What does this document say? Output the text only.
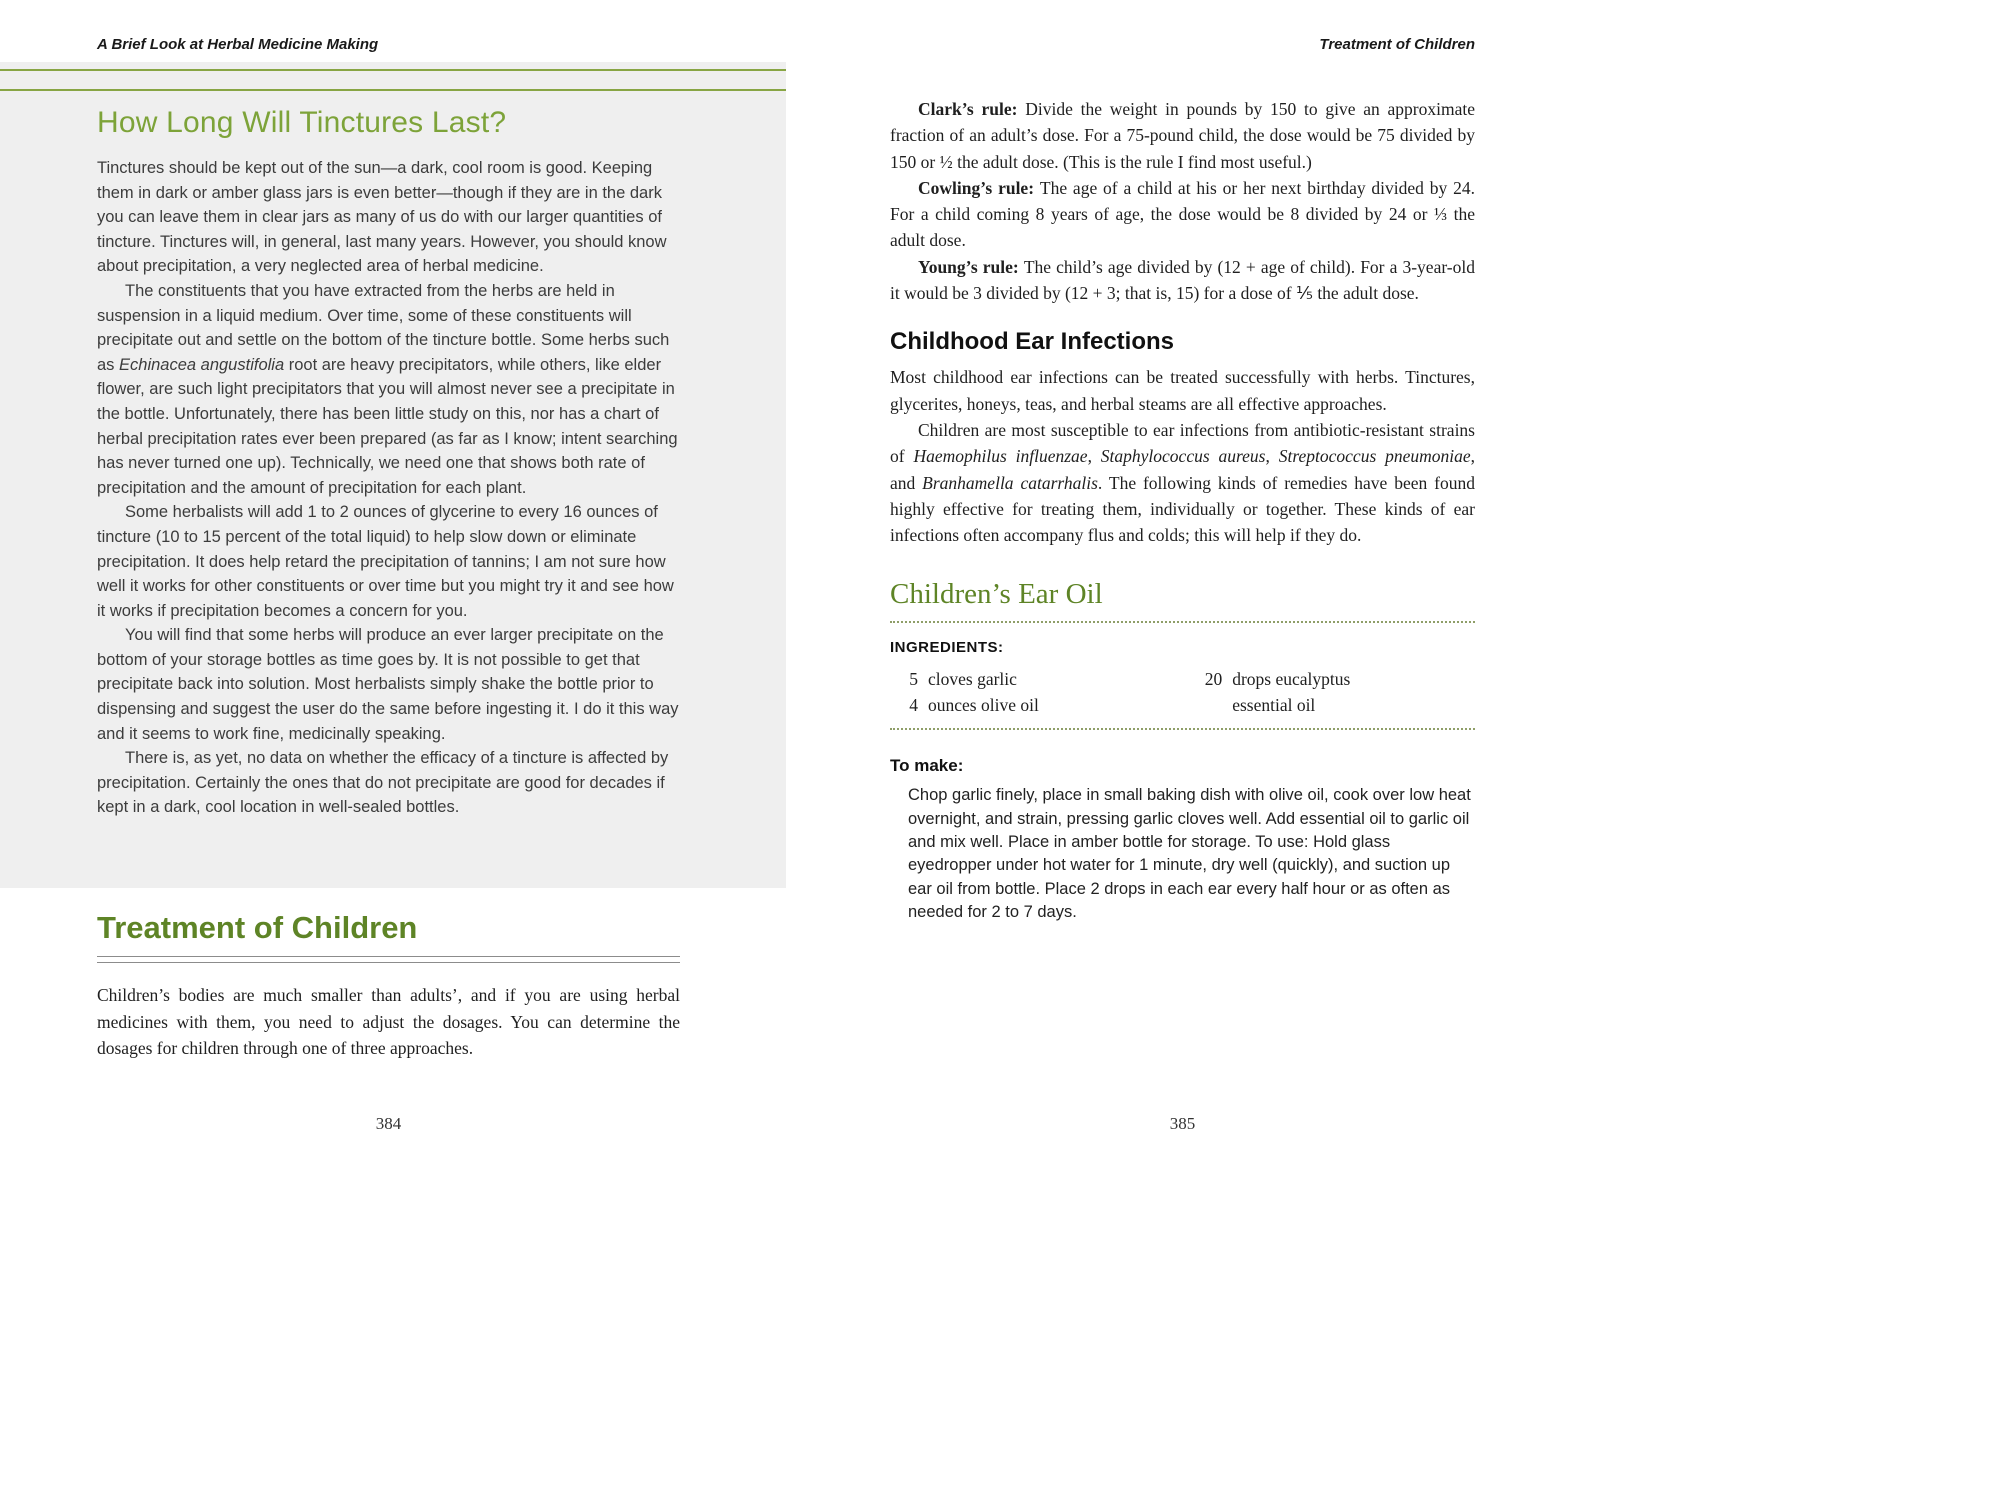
A Brief Look at Herbal Medicine Making
How Long Will Tinctures Last?

Tinctures should be kept out of the sun—a dark, cool room is good. Keeping them in dark or amber glass jars is even better—though if they are in the dark you can leave them in clear jars as many of us do with our larger quantities of tincture. Tinctures will, in general, last many years. However, you should know about precipitation, a very neglected area of herbal medicine.

The constituents that you have extracted from the herbs are held in suspension in a liquid medium. Over time, some of these constituents will precipitate out and settle on the bottom of the tincture bottle. Some herbs such as Echinacea angustifolia root are heavy precipitators, while others, like elder flower, are such light precipitators that you will almost never see a precipitate in the bottle. Unfortunately, there has been little study on this, nor has a chart of herbal precipitation rates ever been prepared (as far as I know; intent searching has never turned one up). Technically, we need one that shows both rate of precipitation and the amount of precipitation for each plant.

Some herbalists will add 1 to 2 ounces of glycerine to every 16 ounces of tincture (10 to 15 percent of the total liquid) to help slow down or eliminate precipitation. It does help retard the precipitation of tannins; I am not sure how well it works for other constituents or over time but you might try it and see how it works if precipitation becomes a concern for you.

You will find that some herbs will produce an ever larger precipitate on the bottom of your storage bottles as time goes by. It is not possible to get that precipitate back into solution. Most herbalists simply shake the bottle prior to dispensing and suggest the user do the same before ingesting it. I do it this way and it seems to work fine, medicinally speaking.

There is, as yet, no data on whether the efficacy of a tincture is affected by precipitation. Certainly the ones that do not precipitate are good for decades if kept in a dark, cool location in well-sealed bottles.

Treatment of Children

Children’s bodies are much smaller than adults’, and if you are using herbal medicines with them, you need to adjust the dosages. You can determine the dosages for children through one of three approaches.

384
Treatment of Children

Clark’s rule: Divide the weight in pounds by 150 to give an approximate fraction of an adult’s dose. For a 75-pound child, the dose would be 75 divided by 150 or ½ the adult dose. (This is the rule I find most useful.)

Cowling’s rule: The age of a child at his or her next birthday divided by 24. For a child coming 8 years of age, the dose would be 8 divided by 24 or ⅓ the adult dose.

Young’s rule: The child’s age divided by (12 + age of child). For a 3-year-old it would be 3 divided by (12 + 3; that is, 15) for a dose of ⅕ the adult dose.

Childhood Ear Infections

Most childhood ear infections can be treated successfully with herbs. Tinctures, glycerites, honeys, teas, and herbal steams are all effective approaches.

Children are most susceptible to ear infections from antibiotic-resistant strains of Haemophilus influenzae, Staphylococcus aureus, Streptococcus pneumoniae, and Branhamella catarrhalis. The following kinds of remedies have been found highly effective for treating them, individually or together. These kinds of ear infections often accompany flus and colds; this will help if they do.

Children’s Ear Oil
INGREDIENTS:
5 cloves garlic
4 ounces olive oil
20 drops eucalyptus essential oil
To make:

Chop garlic finely, place in small baking dish with olive oil, cook over low heat overnight, and strain, pressing garlic cloves well. Add essential oil to garlic oil and mix well. Place in amber bottle for storage. To use: Hold glass eyedropper under hot water for 1 minute, dry well (quickly), and suction up ear oil from bottle. Place 2 drops in each ear every half hour or as often as needed for 2 to 7 days.

385
